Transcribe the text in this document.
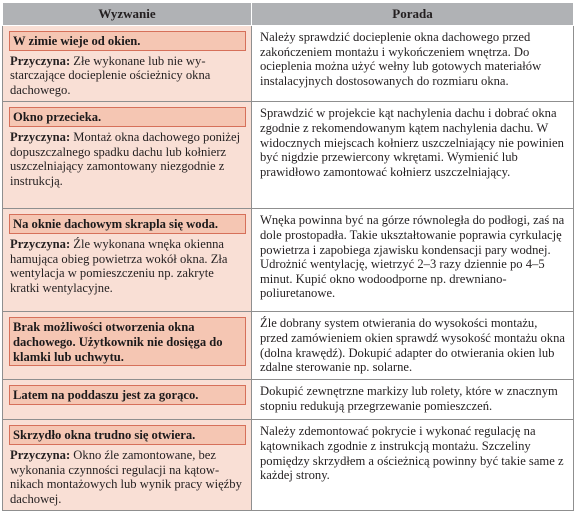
Wyzwanie	Porada

W zimie wieje od okien.
Przyczyna: Złe wykonane lub nie wystarczające docieplenie ościeżnicy okna dachowego.	Należy sprawdzić docieplenie okna dachowego przed zakończeniem montażu i wykończeniem wnętrza. Do ocieplenia można użyć wełny lub gotowych materiałów instalacyjnych dostosowanych do rozmiaru okna.

Okno przecieka.
Przyczyna: Montaż okna dachowego poniżej dopuszczalnego spadku dachu lub kołnierz uszczelniający zamontowany niezgodnie z instrukcją.	Sprawdzić w projekcie kąt nachylenia dachu i dobrać okna zgodnie z rekomendowanym kątem nachylenia dachu. W widocznych miejscach kołnierz uszczelniający nie powinien być nigdzie przewiercony wkrętami. Wymienić lub prawidłowo zamontować kołnierz uszczelniający.

Na oknie dachowym skrapla się woda.
Przyczyna: Źle wykonana wnęka okienna hamująca obieg powietrza wokół okna. Zła wentylacja w pomieszczeniu np. zakryte kratki wentylacyjne.	Wnęka powinna być na górze równoległa do podłogi, zaś na dole prostopadła. Takie ukształtowanie poprawia cyrkulację powietrza i zapobiega zjawisku kondensacji pary wodnej. Udrożnić wentylację, wietrzyć 2–3 razy dziennie po 4–5 minut. Kupić okno wodoodporne np. drewniano-poliuretanowe.

Brak możliwości otworzenia okna dachowego. Użytkownik nie dosięga do klamki lub uchwytu.	Źle dobrany system otwierania do wysokości montażu, przed zamówieniem okien sprawdź wysokość montażu okna (dolna krawędź). Dokupić adapter do otwierania okien lub zdalne sterowanie np. solarne.

Latem na poddaszu jest za gorąco.	Dokupić zewnętrzne markizy lub rolety, które w znacznym stopniu redukują przegrzewanie pomieszczeń.

Skrzydło okna trudno się otwiera.
Przyczyna: Okno źle zamontowane, bez wykonania czynności regulacji na kątownikach montażowych lub wynik pracy więźby dachowej.	Należy zdemontować pokrycie i wykonać regulację na kątownikach zgodnie z instrukcją montażu. Szczeliny pomiędzy skrzydłem a ościeżnicą powinny być takie same z każdej strony.
